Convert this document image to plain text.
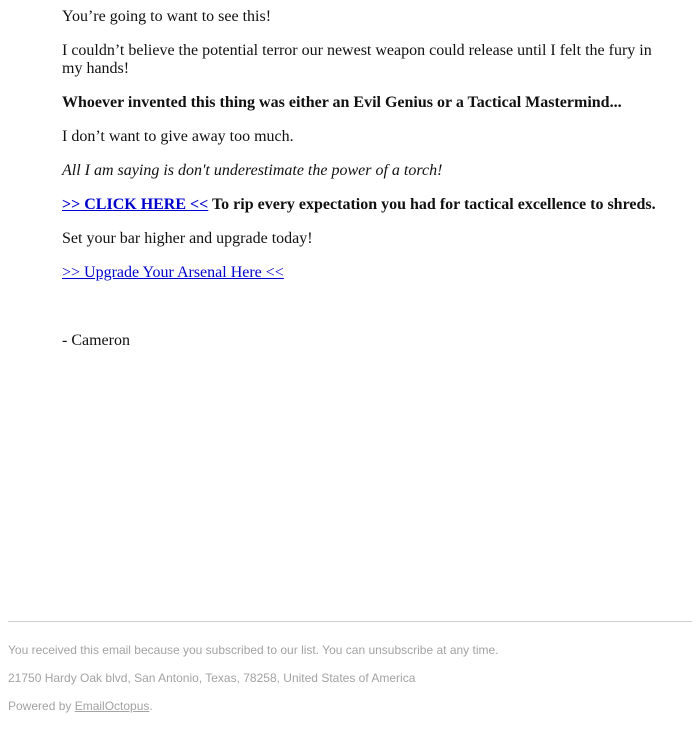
You’re going to want to see this!

I couldn’t believe the potential terror our newest weapon could release until I felt the fury in my hands!

Whoever invented this thing was either an Evil Genius or a Tactical Mastermind...

I don’t want to give away too much.

All I am saying is don't underestimate the power of a torch!

>> CLICK HERE << To rip every expectation you had for tactical excellence to shreds.

Set your bar higher and upgrade today!

>> Upgrade Your Arsenal Here <<

- Cameron

You received this email because you subscribed to our list. You can unsubscribe at any time.
21750 Hardy Oak blvd, San Antonio, Texas, 78258, United States of America
Powered by EmailOctopus.
